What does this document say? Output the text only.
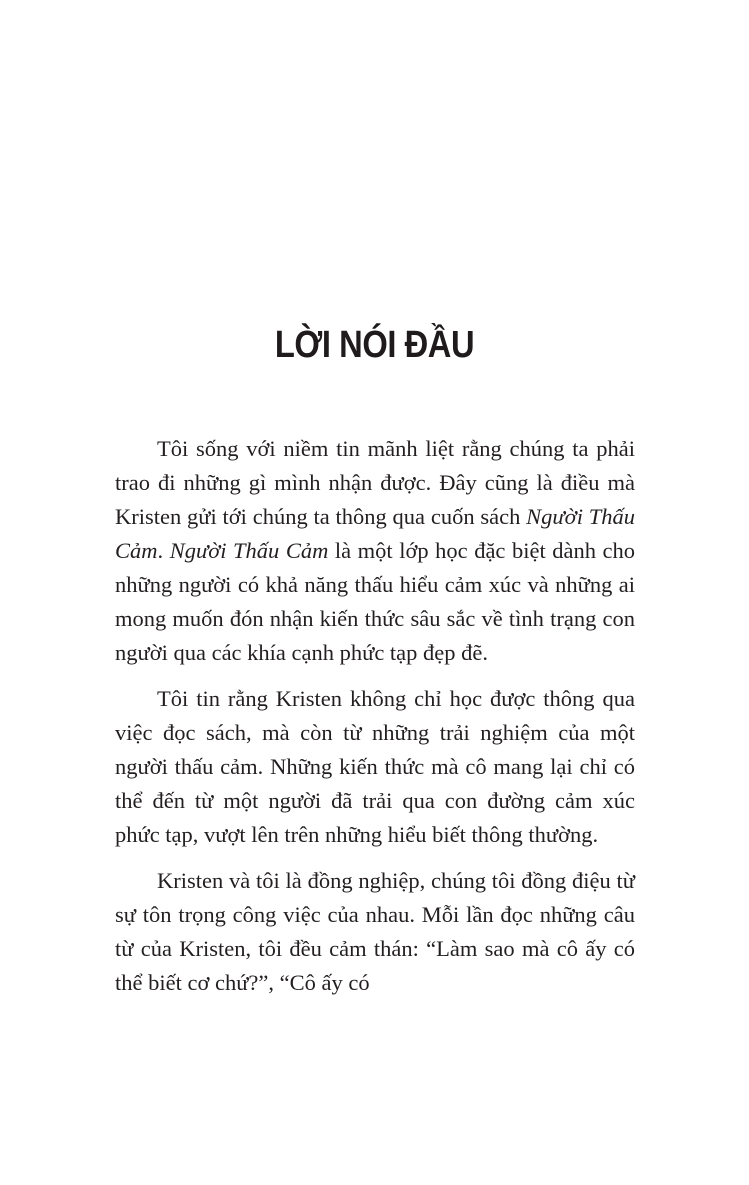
LỜI NÓI ĐẦU

Tôi sống với niềm tin mãnh liệt rằng chúng ta phải trao đi những gì mình nhận được. Đây cũng là điều mà Kristen gửi tới chúng ta thông qua cuốn sách Người Thấu Cảm. Người Thấu Cảm là một lớp học đặc biệt dành cho những người có khả năng thấu hiểu cảm xúc và những ai mong muốn đón nhận kiến thức sâu sắc về tình trạng con người qua các khía cạnh phức tạp đẹp đẽ.

Tôi tin rằng Kristen không chỉ học được thông qua việc đọc sách, mà còn từ những trải nghiệm của một người thấu cảm. Những kiến thức mà cô mang lại chỉ có thể đến từ một người đã trải qua con đường cảm xúc phức tạp, vượt lên trên những hiểu biết thông thường.

Kristen và tôi là đồng nghiệp, chúng tôi đồng điệu từ sự tôn trọng công việc của nhau. Mỗi lần đọc những câu từ của Kristen, tôi đều cảm thán: “Làm sao mà cô ấy có thể biết cơ chứ?”, “Cô ấy có
